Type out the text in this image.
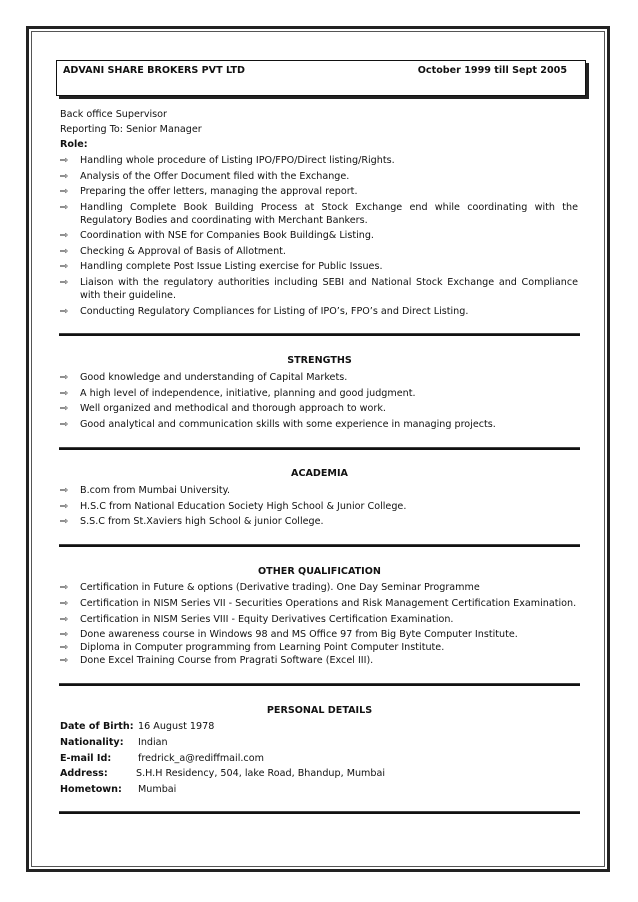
ADVANI SHARE BROKERS PVT LTD	October 1999 till Sept 2005
Back office Supervisor
Reporting To: Senior Manager
Role:
⇨ Handling whole procedure of Listing IPO/FPO/Direct listing/Rights.
⇨ Analysis of the Offer Document filed with the Exchange.
⇨ Preparing the offer letters, managing the approval report.
⇨ Handling Complete Book Building Process at Stock Exchange end while coordinating with the Regulatory Bodies and coordinating with Merchant Bankers.
⇨ Coordination with NSE for Companies Book Building& Listing.
⇨ Checking & Approval of Basis of Allotment.
⇨ Handling complete Post Issue Listing exercise for Public Issues.
⇨ Liaison with the regulatory authorities including SEBI and National Stock Exchange and Compliance with their guideline.
⇨ Conducting Regulatory Compliances for Listing of IPO’s, FPO’s and Direct Listing.
STRENGTHS
⇨ Good knowledge and understanding of Capital Markets.
⇨ A high level of independence, initiative, planning and good judgment.
⇨ Well organized and methodical and thorough approach to work.
⇨ Good analytical and communication skills with some experience in managing projects.
ACADEMIA
⇨ B.com from Mumbai University.
⇨ H.S.C from National Education Society High School & Junior College.
⇨ S.S.C from St.Xaviers high School & junior College.
OTHER QUALIFICATION
⇨ Certification in Future & options (Derivative trading). One Day Seminar Programme
⇨ Certification in NISM Series VII - Securities Operations and Risk Management Certification Examination.
⇨ Certification in NISM Series VIII - Equity Derivatives Certification Examination.
⇨ Done awareness course in Windows 98 and MS Office 97 from Big Byte Computer Institute.
⇨ Diploma in Computer programming from Learning Point Computer Institute.
⇨ Done Excel Training Course from Pragrati Software (Excel III).
PERSONAL DETAILS
Date of Birth: 16 August 1978
Nationality: Indian
E-mail Id:	fredrick_a@rediffmail.com
Address:	S.H.H Residency, 504, lake Road, Bhandup, Mumbai
Hometown: Mumbai
